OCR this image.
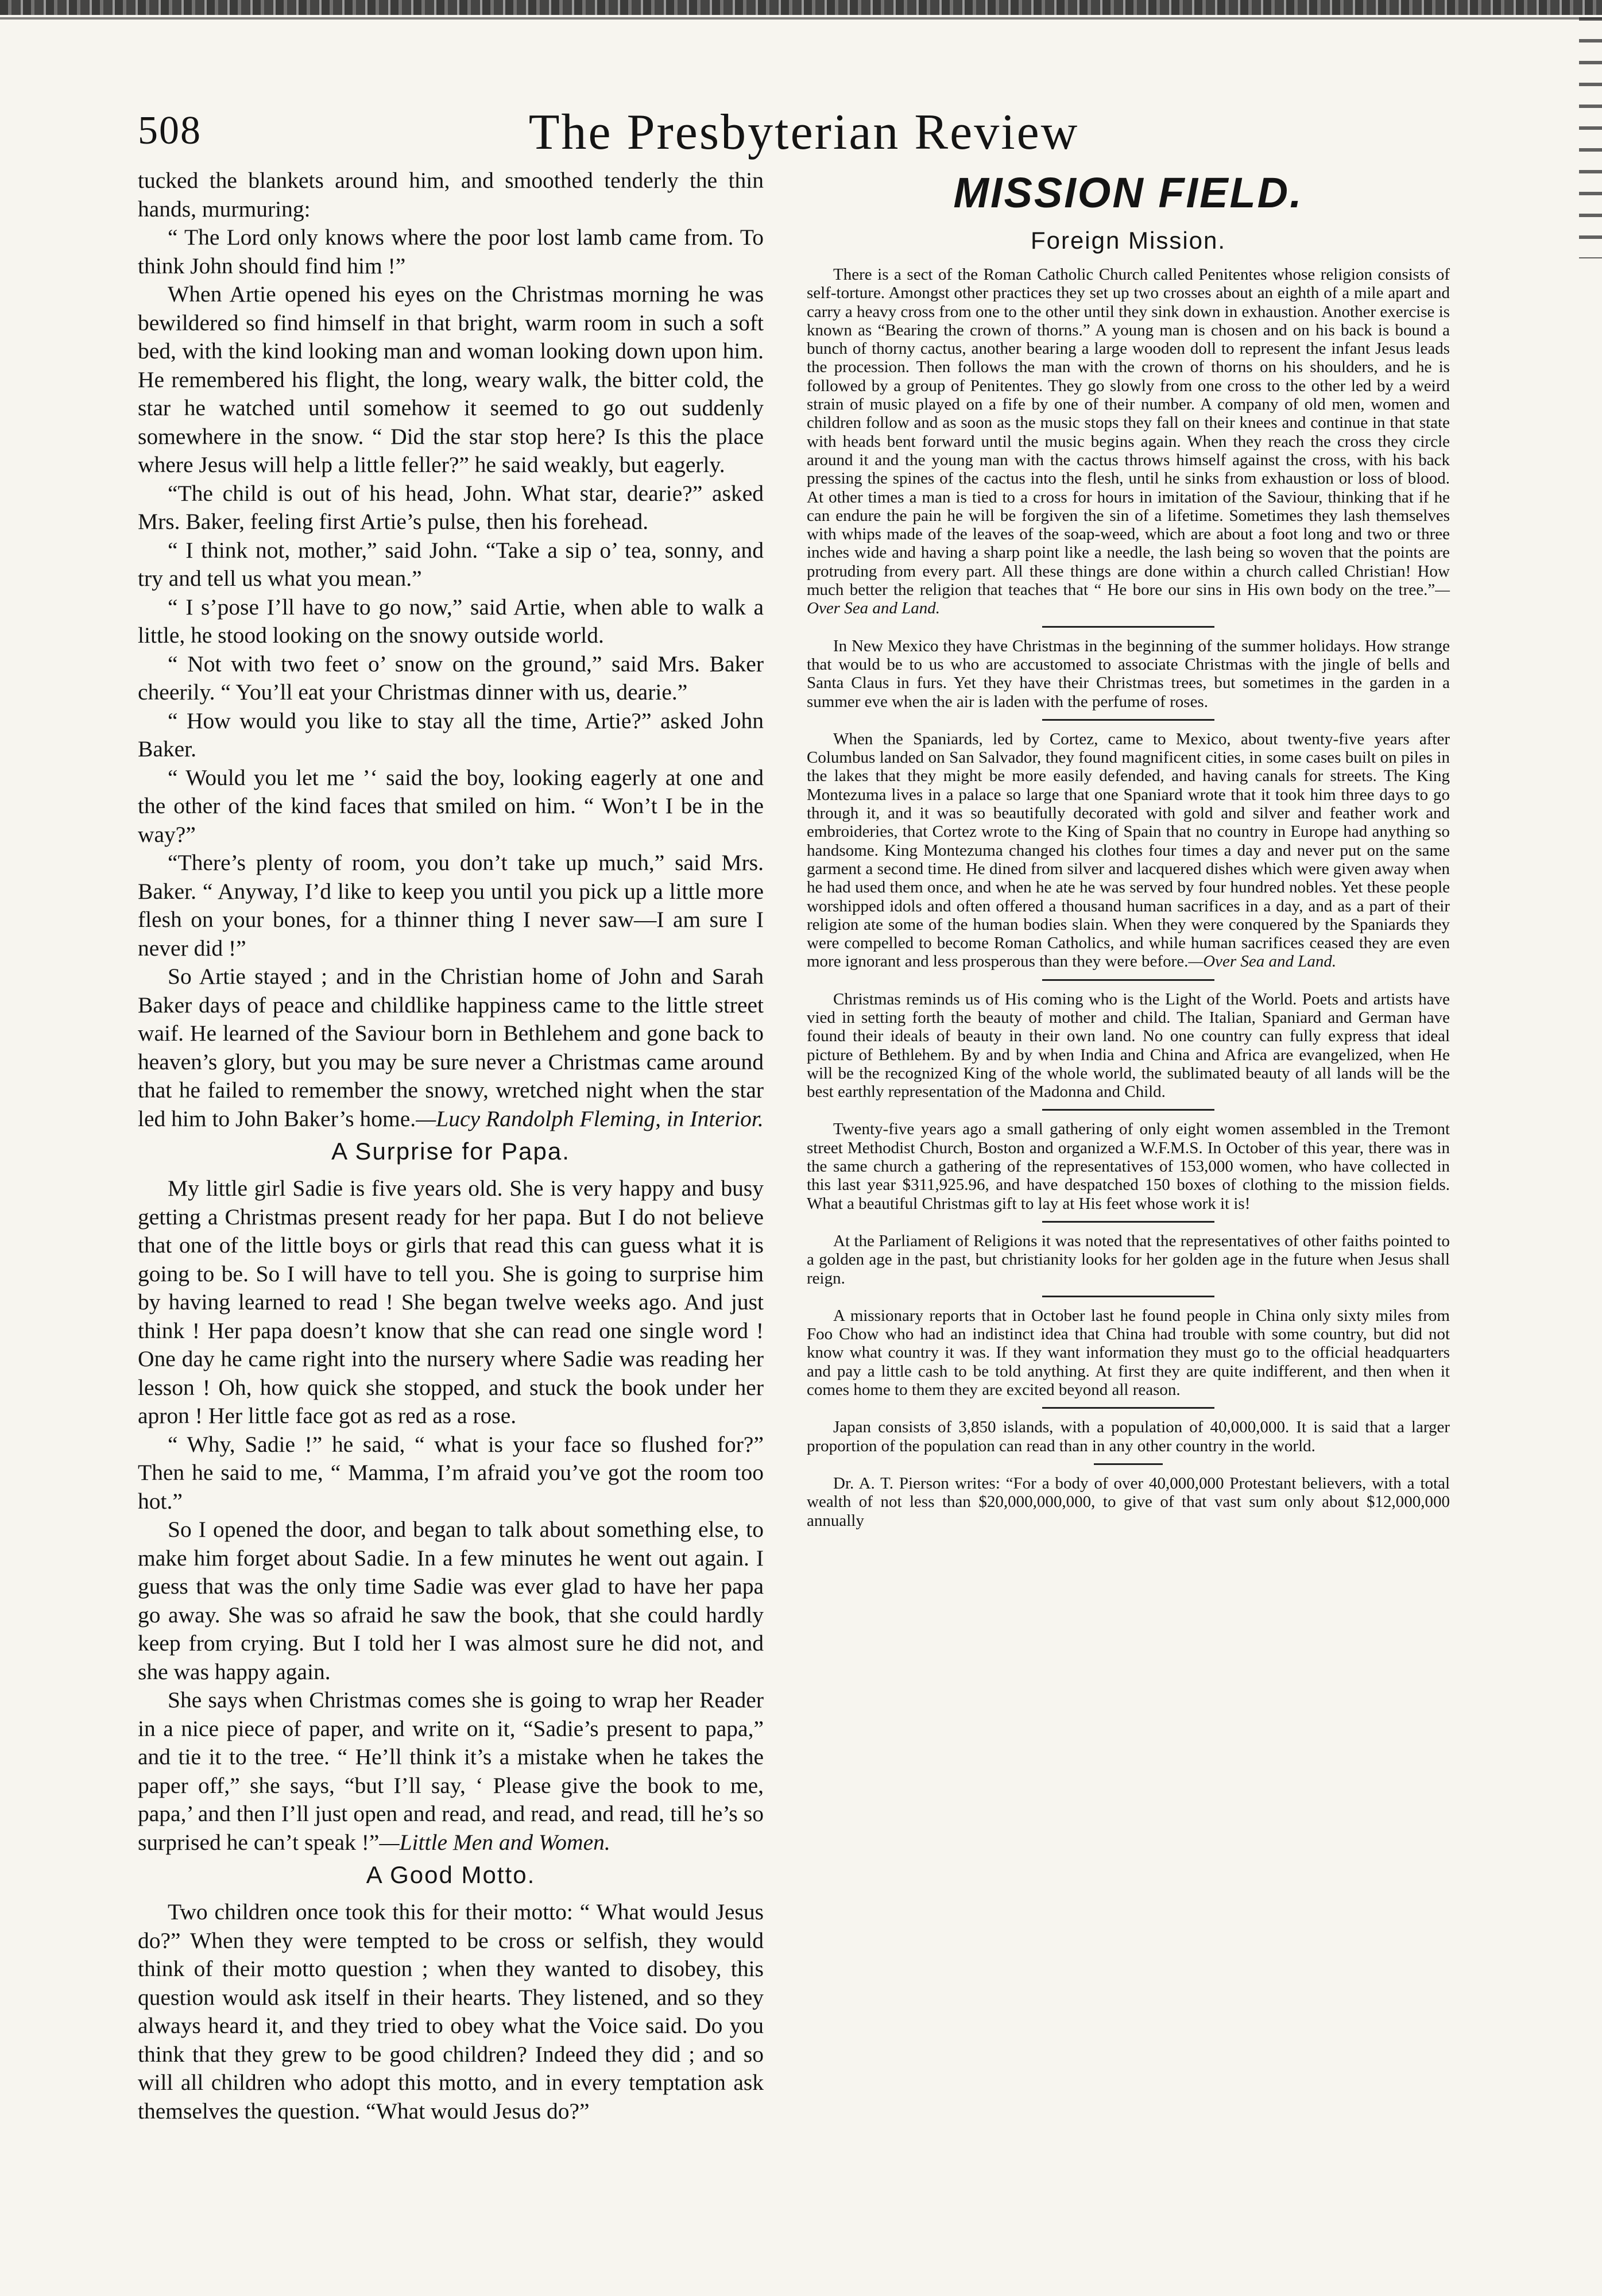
508	The Presbyterian Review

tucked the blankets around him, and smoothed tenderly the thin hands, murmuring:

“ The Lord only knows where the poor lost lamb came from. To think John should find him !”

When Artie opened his eyes on the Christmas morning he was bewildered so find himself in that bright, warm room in such a soft bed, with the kind looking man and woman looking down upon him. He remembered his flight, the long, weary walk, the bitter cold, the star he watched until somehow it seemed to go out suddenly somewhere in the snow. “ Did the star stop here? Is this the place where Jesus will help a little feller?” he said weakly, but eagerly.

“The child is out of his head, John. What star, dearie?” asked Mrs. Baker, feeling first Artie’s pulse, then his forehead.

“ I think not, mother,” said John. “Take a sip o’ tea, sonny, and try and tell us what you mean.”

“ I s’pose I’ll have to go now,” said Artie, when able to walk a little, he stood looking on the snowy outside world.

“ Not with two feet o’ snow on the ground,” said Mrs. Baker cheerily. “ You’ll eat your Christmas dinner with us, dearie.”

“ How would you like to stay all the time, Artie?” asked John Baker.

“ Would you let me ’‘ said the boy, looking eagerly at one and the other of the kind faces that smiled on him. “ Won’t I be in the way?”

“There’s plenty of room, you don’t take up much,” said Mrs. Baker. “ Anyway, I’d like to keep you until you pick up a little more flesh on your bones, for a thinner thing I never saw—I am sure I never did !”

So Artie stayed ; and in the Christian home of John and Sarah Baker days of peace and childlike happiness came to the little street waif. He learned of the Saviour born in Bethlehem and gone back to heaven’s glory, but you may be sure never a Christmas came around that he failed to remember the snowy, wretched night when the star led him to John Baker’s home.—Lucy Randolph Fleming, in Interior.

A Surprise for Papa.

My little girl Sadie is five years old. She is very happy and busy getting a Christmas present ready for her papa. But I do not believe that one of the little boys or girls that read this can guess what it is going to be. So I will have to tell you. She is going to surprise him by having learned to read ! She began twelve weeks ago. And just think ! Her papa doesn’t know that she can read one single word ! One day he came right into the nursery where Sadie was reading her lesson ! Oh, how quick she stopped, and stuck the book under her apron ! Her little face got as red as a rose.

“ Why, Sadie !” he said, “ what is your face so flushed for?” Then he said to me, “ Mamma, I’m afraid you’ve got the room too hot.”

So I opened the door, and began to talk about something else, to make him forget about Sadie. In a few minutes he went out again. I guess that was the only time Sadie was ever glad to have her papa go away. She was so afraid he saw the book, that she could hardly keep from crying. But I told her I was almost sure he did not, and she was happy again.

She says when Christmas comes she is going to wrap her Reader in a nice piece of paper, and write on it, “Sadie’s present to papa,” and tie it to the tree. “ He’ll think it’s a mistake when he takes the paper off,” she says, “but I’ll say, ‘ Please give the book to me, papa,’ and then I’ll just open and read, and read, and read, till he’s so surprised he can’t speak !”—Little Men and Women.

A Good Motto.

Two children once took this for their motto: “ What would Jesus do?” When they were tempted to be cross or selfish, they would think of their motto question ; when they wanted to disobey, this question would ask itself in their hearts. They listened, and so they always heard it, and they tried to obey what the Voice said. Do you think that they grew to be good children? Indeed they did ; and so will all children who adopt this motto, and in every temptation ask themselves the question. “What would Jesus do?”

MISSION FIELD.
Foreign Mission.

There is a sect of the Roman Catholic Church called Penitentes whose religion consists of self-torture. Amongst other practices they set up two crosses about an eighth of a mile apart and carry a heavy cross from one to the other until they sink down in exhaustion. Another exercise is known as “Bearing the crown of thorns.” A young man is chosen and on his back is bound a bunch of thorny cactus, another bearing a large wooden doll to represent the infant Jesus leads the procession. Then follows the man with the crown of thorns on his shoulders, and he is followed by a group of Penitentes. They go slowly from one cross to the other led by a weird strain of music played on a fife by one of their number. A company of old men, women and children follow and as soon as the music stops they fall on their knees and continue in that state with heads bent forward until the music begins again. When they reach the cross they circle around it and the young man with the cactus throws himself against the cross, with his back pressing the spines of the cactus into the flesh, until he sinks from exhaustion or loss of blood. At other times a man is tied to a cross for hours in imitation of the Saviour, thinking that if he can endure the pain he will be forgiven the sin of a lifetime. Sometimes they lash themselves with whips made of the leaves of the soap-weed, which are about a foot long and two or three inches wide and having a sharp point like a needle, the lash being so woven that the points are protruding from every part. All these things are done within a church called Christian! How much better the religion that teaches that “ He bore our sins in His own body on the tree.”—Over Sea and Land.

In New Mexico they have Christmas in the beginning of the summer holidays. How strange that would be to us who are accustomed to associate Christmas with the jingle of bells and Santa Claus in furs. Yet they have their Christmas trees, but sometimes in the garden in a summer eve when the air is laden with the perfume of roses.

When the Spaniards, led by Cortez, came to Mexico, about twenty-five years after Columbus landed on San Salvador, they found magnificent cities, in some cases built on piles in the lakes that they might be more easily defended, and having canals for streets. The King Montezuma lives in a palace so large that one Spaniard wrote that it took him three days to go through it, and it was so beautifully decorated with gold and silver and feather work and embroideries, that Cortez wrote to the King of Spain that no country in Europe had anything so handsome. King Montezuma changed his clothes four times a day and never put on the same garment a second time. He dined from silver and lacquered dishes which were given away when he had used them once, and when he ate he was served by four hundred nobles. Yet these people worshipped idols and often offered a thousand human sacrifices in a day, and as a part of their religion ate some of the human bodies slain. When they were conquered by the Spaniards they were compelled to become Roman Catholics, and while human sacrifices ceased they are even more ignorant and less prosperous than they were before.—Over Sea and Land.

Christmas reminds us of His coming who is the Light of the World. Poets and artists have vied in setting forth the beauty of mother and child. The Italian, Spaniard and German have found their ideals of beauty in their own land. No one country can fully express that ideal picture of Bethlehem. By and by when India and China and Africa are evangelized, when He will be the recognized King of the whole world, the sublimated beauty of all lands will be the best earthly representation of the Madonna and Child.

Twenty-five years ago a small gathering of only eight women assembled in the Tremont street Methodist Church, Boston and organized a W.F.M.S. In October of this year, there was in the same church a gathering of the representatives of 153,000 women, who have collected in this last year $311,925.96, and have despatched 150 boxes of clothing to the mission fields. What a beautiful Christmas gift to lay at His feet whose work it is!

At the Parliament of Religions it was noted that the representatives of other faiths pointed to a golden age in the past, but christianity looks for her golden age in the future when Jesus shall reign.

A missionary reports that in October last he found people in China only sixty miles from Foo Chow who had an indistinct idea that China had trouble with some country, but did not know what country it was. If they want information they must go to the official headquarters and pay a little cash to be told anything. At first they are quite indifferent, and then when it comes home to them they are excited beyond all reason.

Japan consists of 3,850 islands, with a population of 40,000,000. It is said that a larger proportion of the population can read than in any other country in the world.

Dr. A. T. Pierson writes: “For a body of over 40,000,000 Protestant believers, with a total wealth of not less than $20,000,000,000, to give of that vast sum only about $12,000,000 annually
